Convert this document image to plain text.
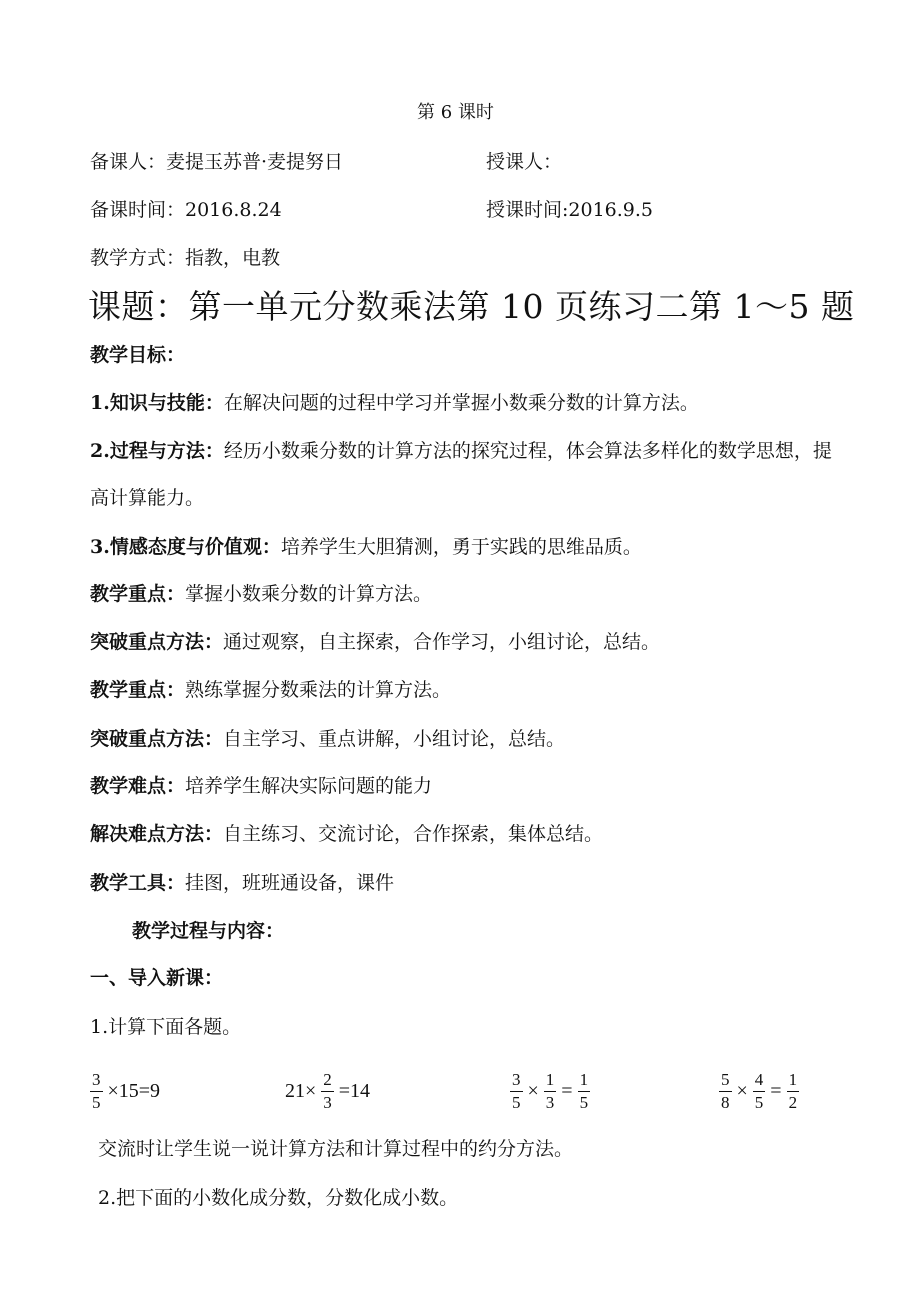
第 6 课时
备课人：麦提玉苏普·麦提努日	授课人：
备课时间：2016.8.24	授课时间:2016.9.5
教学方式：指教，电教
课题：第一单元分数乘法第 10 页练习二第 1～5 题
教学目标：
1.知识与技能：在解决问题的过程中学习并掌握小数乘分数的计算方法。
2.过程与方法：经历小数乘分数的计算方法的探究过程，体会算法多样化的数学思想，提高计算能力。
3.情感态度与价值观：培养学生大胆猜测，勇于实践的思维品质。
教学重点：掌握小数乘分数的计算方法。
突破重点方法：通过观察，自主探索，合作学习，小组讨论，总结。
教学重点：熟练掌握分数乘法的计算方法。
突破重点方法：自主学习、重点讲解，小组讨论，总结。
教学难点：培养学生解决实际问题的能力
解决难点方法：自主练习、交流讨论，合作探索，集体总结。
教学工具：挂图，班班通设备，课件
教学过程与内容：
一、导入新课：
1.计算下面各题。
$\frac{3}{5} \times 15=9$	$21\times \frac{2}{3} =14$	$\frac{3}{5} \times \frac{1}{3} = \frac{1}{5}$	$\frac{5}{8} \times \frac{4}{5} = \frac{1}{2}$
交流时让学生说一说计算方法和计算过程中的约分方法。
2.把下面的小数化成分数，分数化成小数。
